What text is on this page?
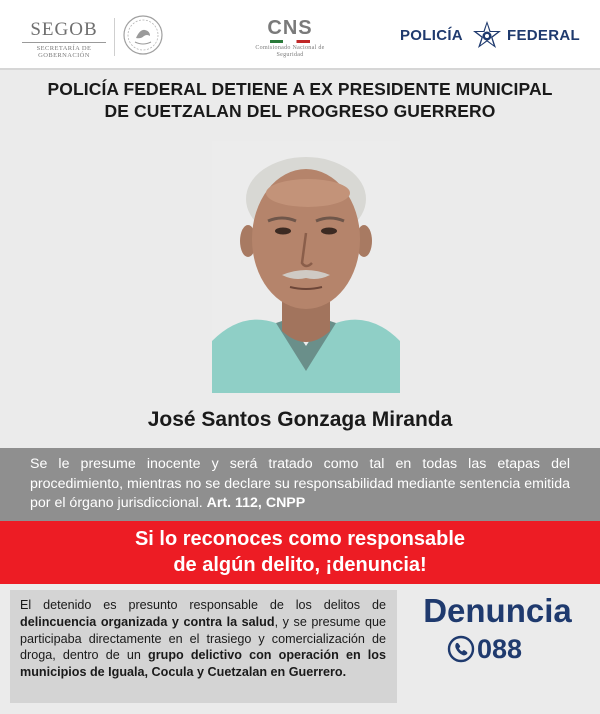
SEGOB
SECRETARÍA DE GOBERNACIÓN
CNS
Comisionado Nacional de Seguridad
POLICÍA	FEDERAL
POLICÍA FEDERAL DETIENE A EX PRESIDENTE MUNICIPAL
DE CUETZALAN DEL PROGRESO GUERRERO
José Santos Gonzaga Miranda

Se le presume inocente y será tratado como tal en todas las etapas del procedimiento, mientras no se declare su responsabilidad mediante sentencia emitida por el órgano jurisdiccional. Art. 112, CNPP

Si lo reconoces como responsable
de algún delito, ¡denuncia!

El detenido es presunto responsable de los delitos de delincuencia organizada y contra la salud, y se presume que participaba directamente en el trasiego y comercialización de droga, dentro de un grupo delictivo con operación en los municipios de Iguala, Cocula y Cuetzalan en Guerrero.

Denuncia
088
